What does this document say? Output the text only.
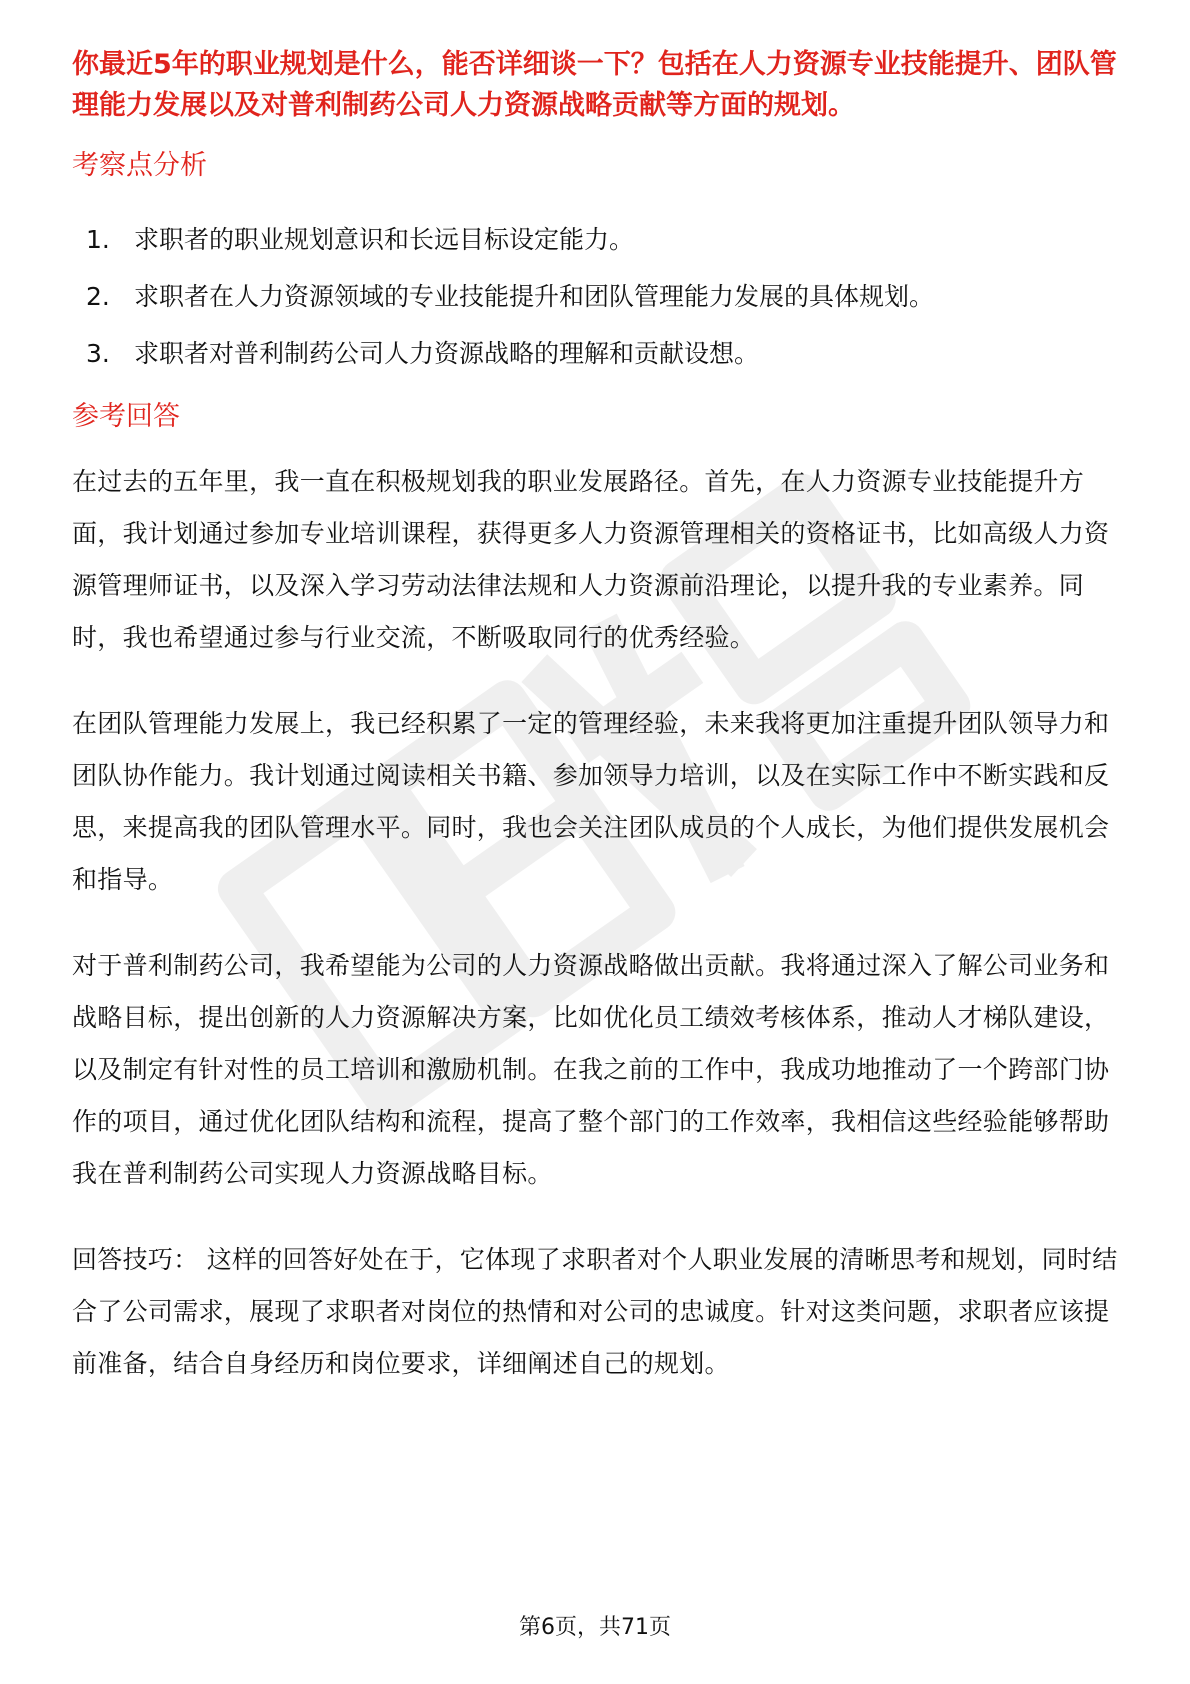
你最近5年的职业规划是什么，能否详细谈一下？包括在人力资源专业技能提升、团队管理能力发展以及对普利制药公司人力资源战略贡献等方面的规划。

考察点分析

1. 求职者的职业规划意识和长远目标设定能力。
2. 求职者在人力资源领域的专业技能提升和团队管理能力发展的具体规划。
3. 求职者对普利制药公司人力资源战略的理解和贡献设想。

参考回答

在过去的五年里，我一直在积极规划我的职业发展路径。首先，在人力资源专业技能提升方面，我计划通过参加专业培训课程，获得更多人力资源管理相关的资格证书，比如高级人力资源管理师证书，以及深入学习劳动法律法规和人力资源前沿理论，以提升我的专业素养。同时，我也希望通过参与行业交流，不断吸取同行的优秀经验。

在团队管理能力发展上，我已经积累了一定的管理经验，未来我将更加注重提升团队领导力和团队协作能力。我计划通过阅读相关书籍、参加领导力培训，以及在实际工作中不断实践和反思，来提高我的团队管理水平。同时，我也会关注团队成员的个人成长，为他们提供发展机会和指导。

对于普利制药公司，我希望能为公司的人力资源战略做出贡献。我将通过深入了解公司业务和战略目标，提出创新的人力资源解决方案，比如优化员工绩效考核体系，推动人才梯队建设，以及制定有针对性的员工培训和激励机制。在我之前的工作中，我成功地推动了一个跨部门协作的项目，通过优化团队结构和流程，提高了整个部门的工作效率，我相信这些经验能够帮助我在普利制药公司实现人力资源战略目标。

回答技巧： 这样的回答好处在于，它体现了求职者对个人职业发展的清晰思考和规划，同时结合了公司需求，展现了求职者对岗位的热情和对公司的忠诚度。针对这类问题，求职者应该提前准备，结合自身经历和岗位要求，详细阐述自己的规划。

第6页，共71页
